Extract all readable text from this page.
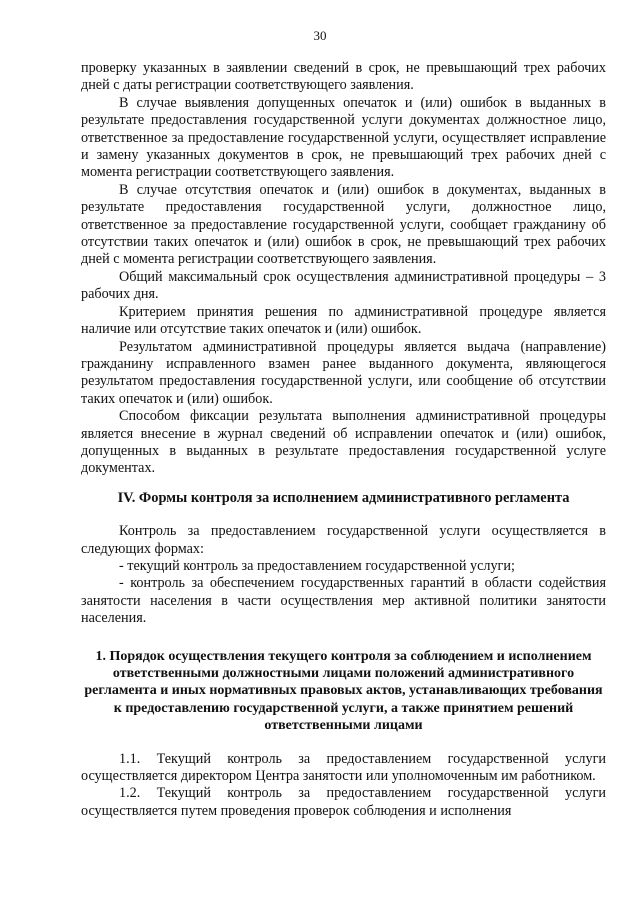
30

проверку указанных в заявлении сведений в срок, не превышающий трех рабочих дней с даты регистрации соответствующего заявления.

В случае выявления допущенных опечаток и (или) ошибок в выданных в результате предоставления государственной услуги документах должностное лицо, ответственное за предоставление государственной услуги, осуществляет исправление и замену указанных документов в срок, не превышающий трех рабочих дней с момента регистрации соответствующего заявления.

В случае отсутствия опечаток и (или) ошибок в документах, выданных в результате предоставления государственной услуги, должностное лицо, ответственное за предоставление государственной услуги, сообщает гражданину об отсутствии таких опечаток и (или) ошибок в срок, не превышающий трех рабочих дней с момента регистрации соответствующего заявления.

Общий максимальный срок осуществления административной процедуры – 3 рабочих дня.

Критерием принятия решения по административной процедуре является наличие или отсутствие таких опечаток и (или) ошибок.

Результатом административной процедуры является выдача (направление) гражданину исправленного взамен ранее выданного документа, являющегося результатом предоставления государственной услуги, или сообщение об отсутствии таких опечаток и (или) ошибок.

Способом фиксации результата выполнения административной процедуры является внесение в журнал сведений об исправлении опечаток и (или) ошибок, допущенных в выданных в результате предоставления государственной услуге документах.

IV. Формы контроля за исполнением административного регламента

Контроль за предоставлением государственной услуги осуществляется в следующих формах:

- текущий контроль за предоставлением государственной услуги;

- контроль за обеспечением государственных гарантий в области содействия занятости населения в части осуществления мер активной политики занятости населения.

1. Порядок осуществления текущего контроля за соблюдением и исполнением ответственными должностными лицами положений административного регламента и иных нормативных правовых актов, устанавливающих требования к предоставлению государственной услуги, а также принятием решений ответственными лицами

1.1. Текущий контроль за предоставлением государственной услуги осуществляется директором Центра занятости или уполномоченным им работником.

1.2. Текущий контроль за предоставлением государственной услуги осуществляется путем проведения проверок соблюдения и исполнения
